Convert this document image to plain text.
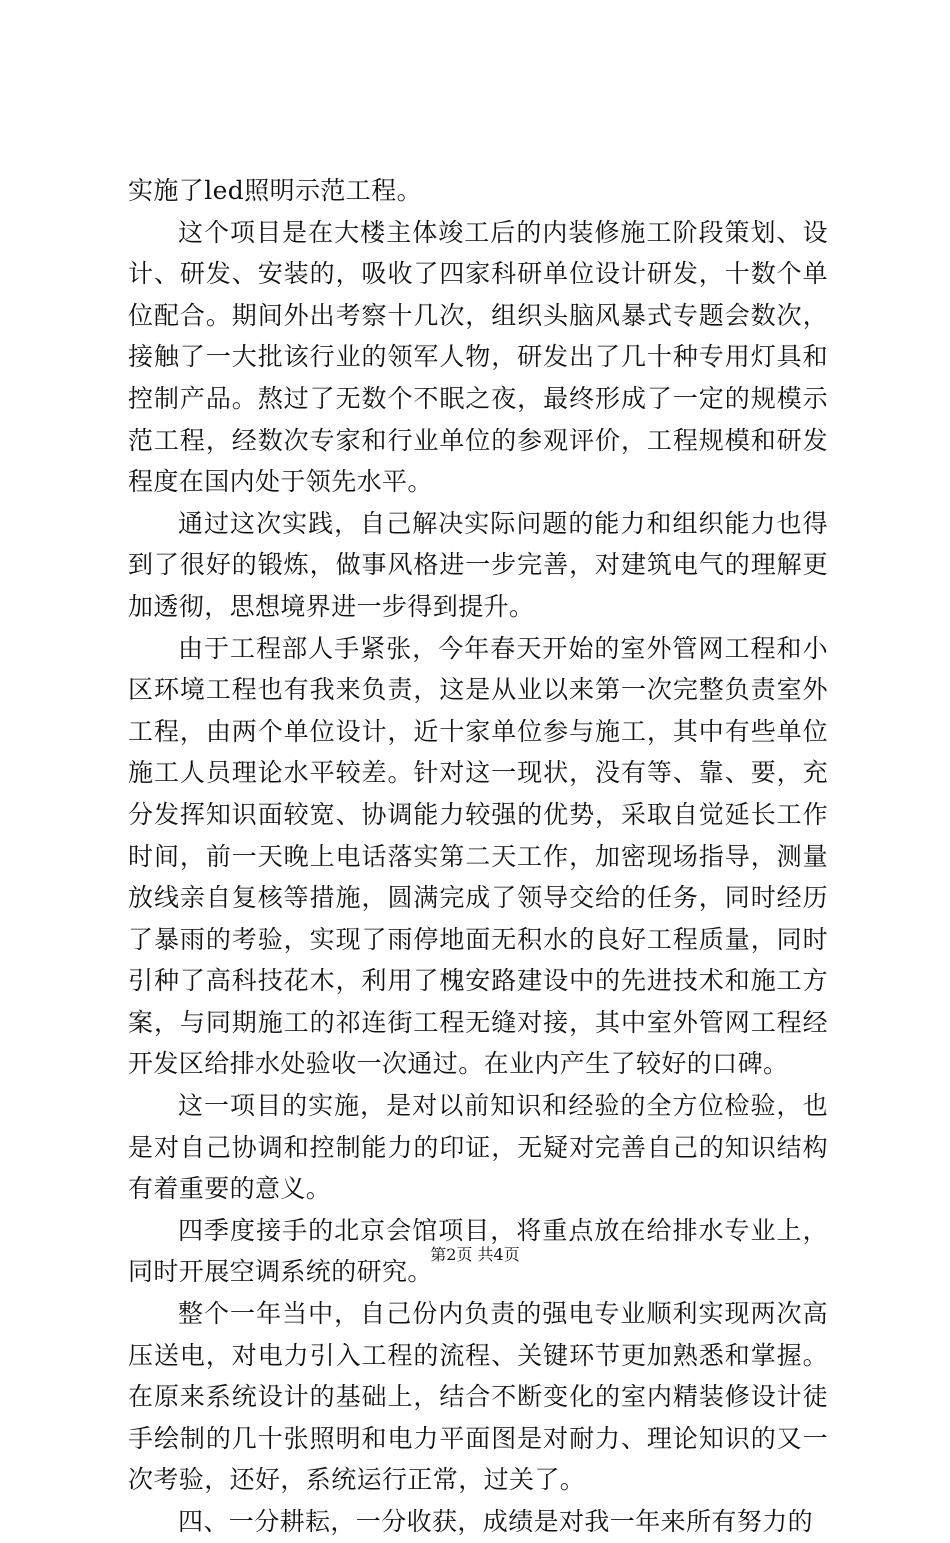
实施了led照明示范工程。

这个项目是在大楼主体竣工后的内装修施工阶段策划、设计、研发、安装的，吸收了四家科研单位设计研发，十数个单位配合。期间外出考察十几次，组织头脑风暴式专题会数次，接触了一大批该行业的领军人物，研发出了几十种专用灯具和控制产品。熬过了无数个不眠之夜，最终形成了一定的规模示范工程，经数次专家和行业单位的参观评价，工程规模和研发程度在国内处于领先水平。

通过这次实践，自己解决实际问题的能力和组织能力也得到了很好的锻炼，做事风格进一步完善，对建筑电气的理解更加透彻，思想境界进一步得到提升。

由于工程部人手紧张，今年春天开始的室外管网工程和小区环境工程也有我来负责，这是从业以来第一次完整负责室外工程，由两个单位设计，近十家单位参与施工，其中有些单位施工人员理论水平较差。针对这一现状，没有等、靠、要，充分发挥知识面较宽、协调能力较强的优势，采取自觉延长工作时间，前一天晚上电话落实第二天工作，加密现场指导，测量放线亲自复核等措施，圆满完成了领导交给的任务，同时经历了暴雨的考验，实现了雨停地面无积水的良好工程质量，同时引种了高科技花木，利用了槐安路建设中的先进技术和施工方案，与同期施工的祁连街工程无缝对接，其中室外管网工程经开发区给排水处验收一次通过。在业内产生了较好的口碑。

这一项目的实施，是对以前知识和经验的全方位检验，也是对自己协调和控制能力的印证，无疑对完善自己的知识结构有着重要的意义。

四季度接手的北京会馆项目，将重点放在给排水专业上，同时开展空调系统的研究。

整个一年当中，自己份内负责的强电专业顺利实现两次高压送电，对电力引入工程的流程、关键环节更加熟悉和掌握。在原来系统设计的基础上，结合不断变化的室内精装修设计徒手绘制的几十张照明和电力平面图是对耐力、理论知识的又一次考验，还好，系统运行正常，过关了。

四、一分耕耘，一分收获，成绩是对我一年来所有努力的

第2页 共4页
